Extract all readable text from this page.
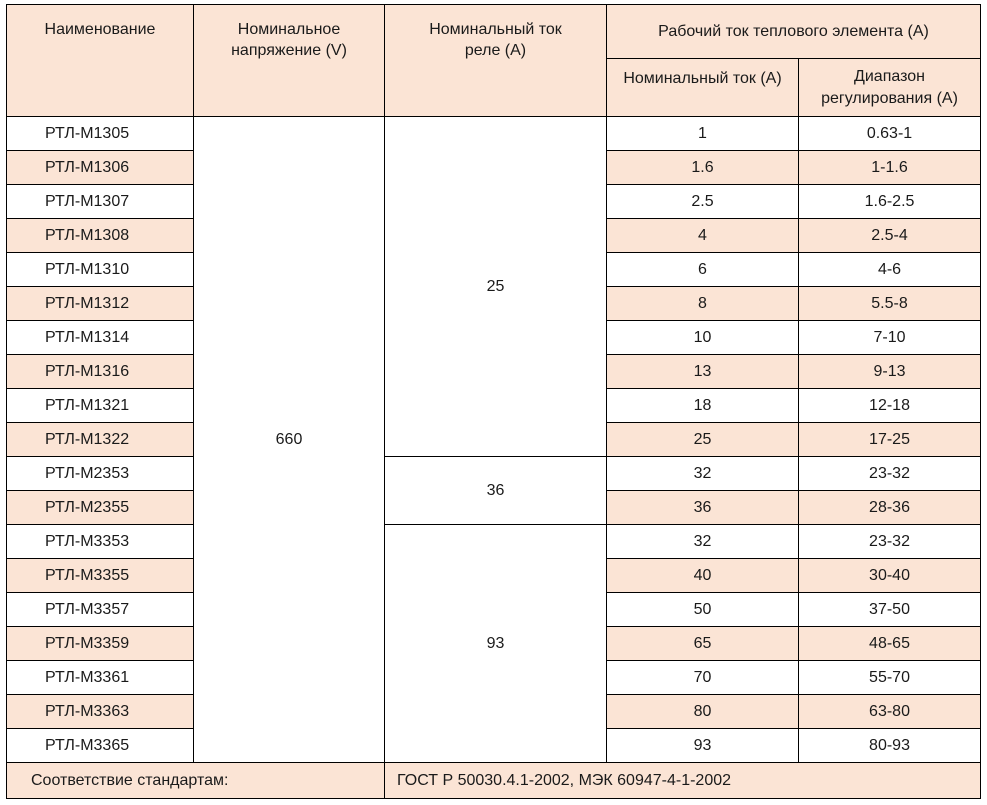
Наименование	Номинальное напряжение (V)	Номинальный ток реле (А)	Рабочий ток теплового элемента (А)	

			Номинальный ток (А)	Диапазон регулирования (А)

РТЛ-М1305	660	25	1	0.63-1
РТЛ-М1306			1.6	1-1.6
РТЛ-М1307			2.5	1.6-2.5
РТЛ-М1308			4	2.5-4
РТЛ-М1310			6	4-6
РТЛ-М1312			8	5.5-8
РТЛ-М1314			10	7-10
РТЛ-М1316			13	9-13
РТЛ-М1321			18	12-18
РТЛ-М1322			25	17-25
РТЛ-М2353		36	32	23-32
РТЛ-М2355			36	28-36
РТЛ-М3353		93	32	23-32
РТЛ-М3355			40	30-40
РТЛ-М3357			50	37-50
РТЛ-М3359			65	48-65
РТЛ-М3361			70	55-70
РТЛ-М3363			80	63-80
РТЛ-М3365			93	80-93
Соответствие стандартам:		ГОСТ Р 50030.4.1-2002, МЭК 60947-4-1-2002		
